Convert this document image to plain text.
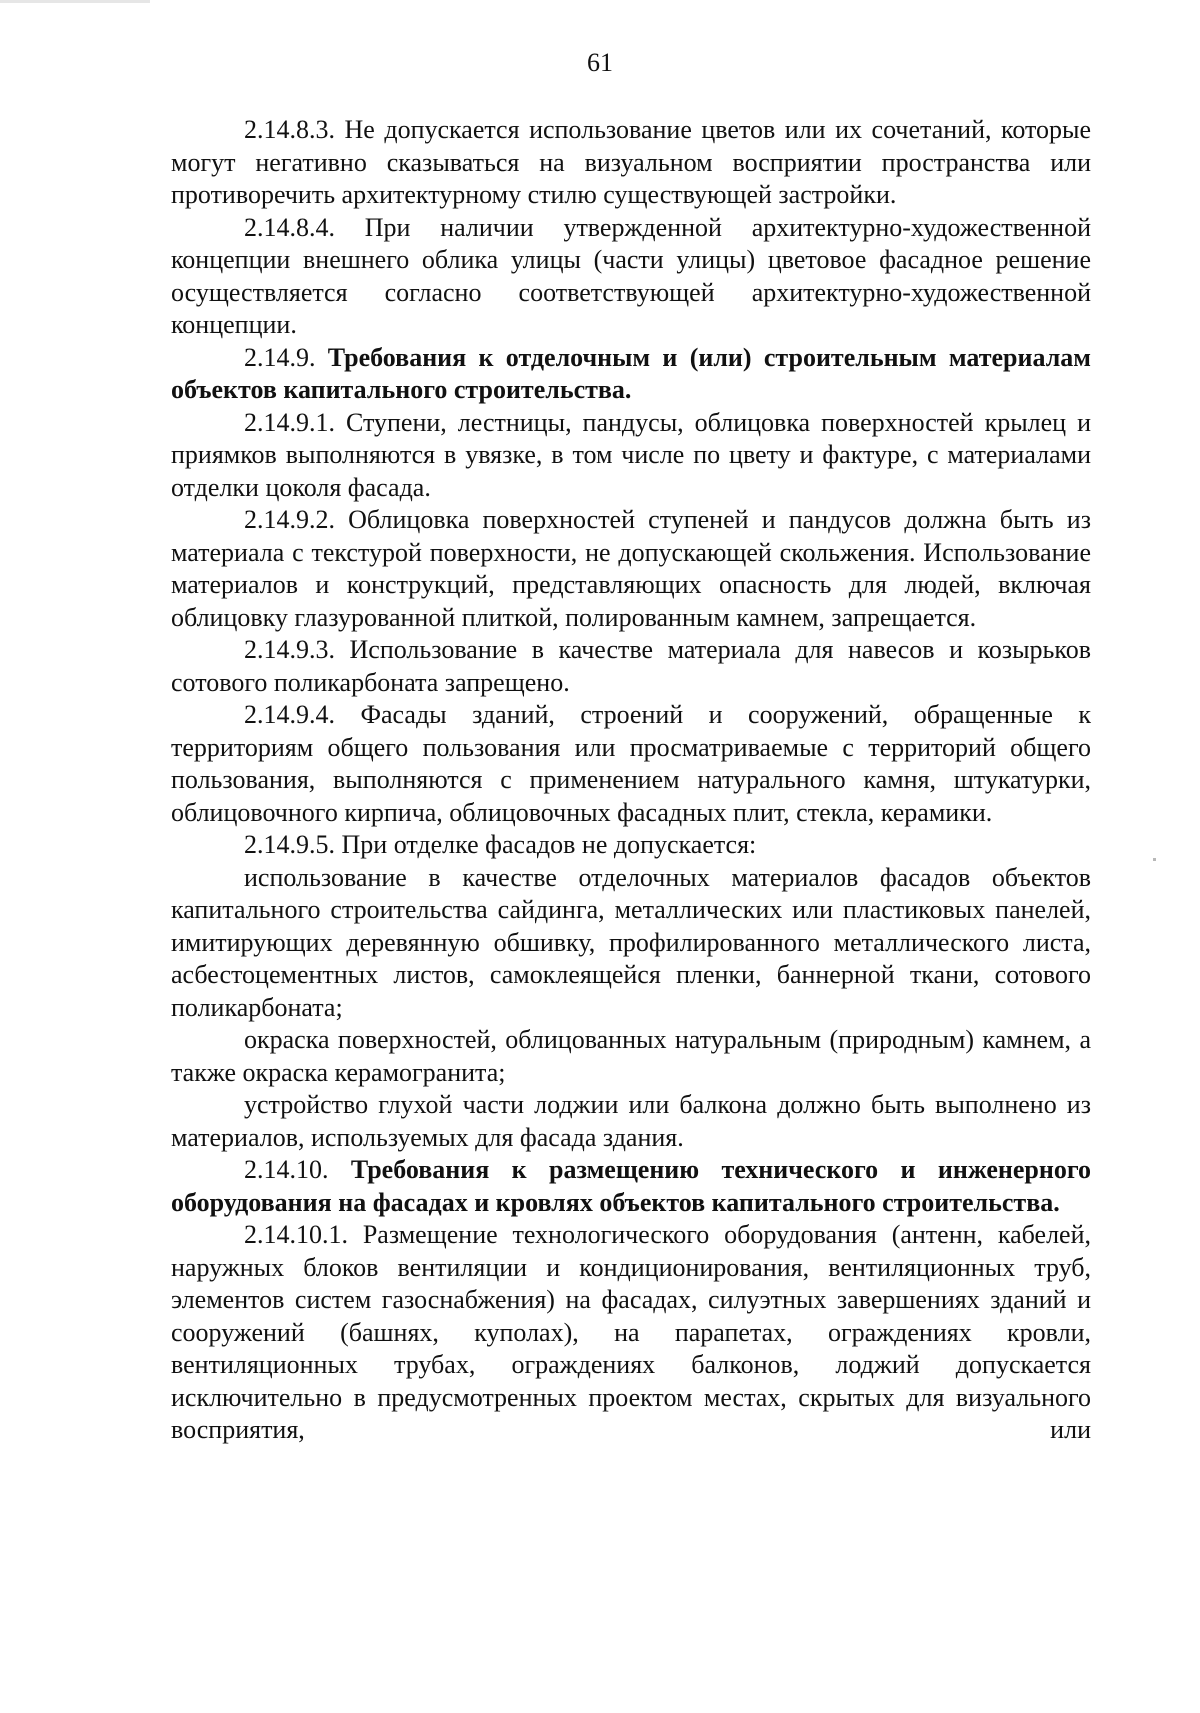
61

2.14.8.3. Не допускается использование цветов или их сочетаний, которые могут негативно сказываться на визуальном восприятии пространства или противоречить архитектурному стилю существующей застройки.

2.14.8.4. При наличии утвержденной архитектурно-художественной концепции внешнего облика улицы (части улицы) цветовое фасадное решение осуществляется согласно соответствующей архитектурно-художественной концепции.

2.14.9. Требования к отделочным и (или) строительным материалам объектов капитального строительства.

2.14.9.1. Ступени, лестницы, пандусы, облицовка поверхностей крылец и приямков выполняются в увязке, в том числе по цвету и фактуре, с материалами отделки цоколя фасада.

2.14.9.2. Облицовка поверхностей ступеней и пандусов должна быть из материала с текстурой поверхности, не допускающей скольжения. Использование материалов и конструкций, представляющих опасность для людей, включая облицовку глазурованной плиткой, полированным камнем, запрещается.

2.14.9.3. Использование в качестве материала для навесов и козырьков сотового поликарбоната запрещено.

2.14.9.4. Фасады зданий, строений и сооружений, обращенные к территориям общего пользования или просматриваемые с территорий общего пользования, выполняются с применением натурального камня, штукатурки, облицовочного кирпича, облицовочных фасадных плит, стекла, керамики.

2.14.9.5. При отделке фасадов не допускается:

использование в качестве отделочных материалов фасадов объектов капитального строительства сайдинга, металлических или пластиковых панелей, имитирующих деревянную обшивку, профилированного металлического листа, асбестоцементных листов, самоклеящейся пленки, баннерной ткани, сотового поликарбоната;

окраска поверхностей, облицованных натуральным (природным) камнем, а также окраска керамогранита;

устройство глухой части лоджии или балкона должно быть выполнено из материалов, используемых для фасада здания.

2.14.10. Требования к размещению технического и инженерного оборудования на фасадах и кровлях объектов капитального строительства.

2.14.10.1. Размещение технологического оборудования (антенн, кабелей, наружных блоков вентиляции и кондиционирования, вентиляционных труб, элементов систем газоснабжения) на фасадах, силуэтных завершениях зданий и сооружений (башнях, куполах), на парапетах, ограждениях кровли, вентиляционных трубах, ограждениях балконов, лоджий допускается исключительно в предусмотренных проектом местах, скрытых для визуального восприятия, или
